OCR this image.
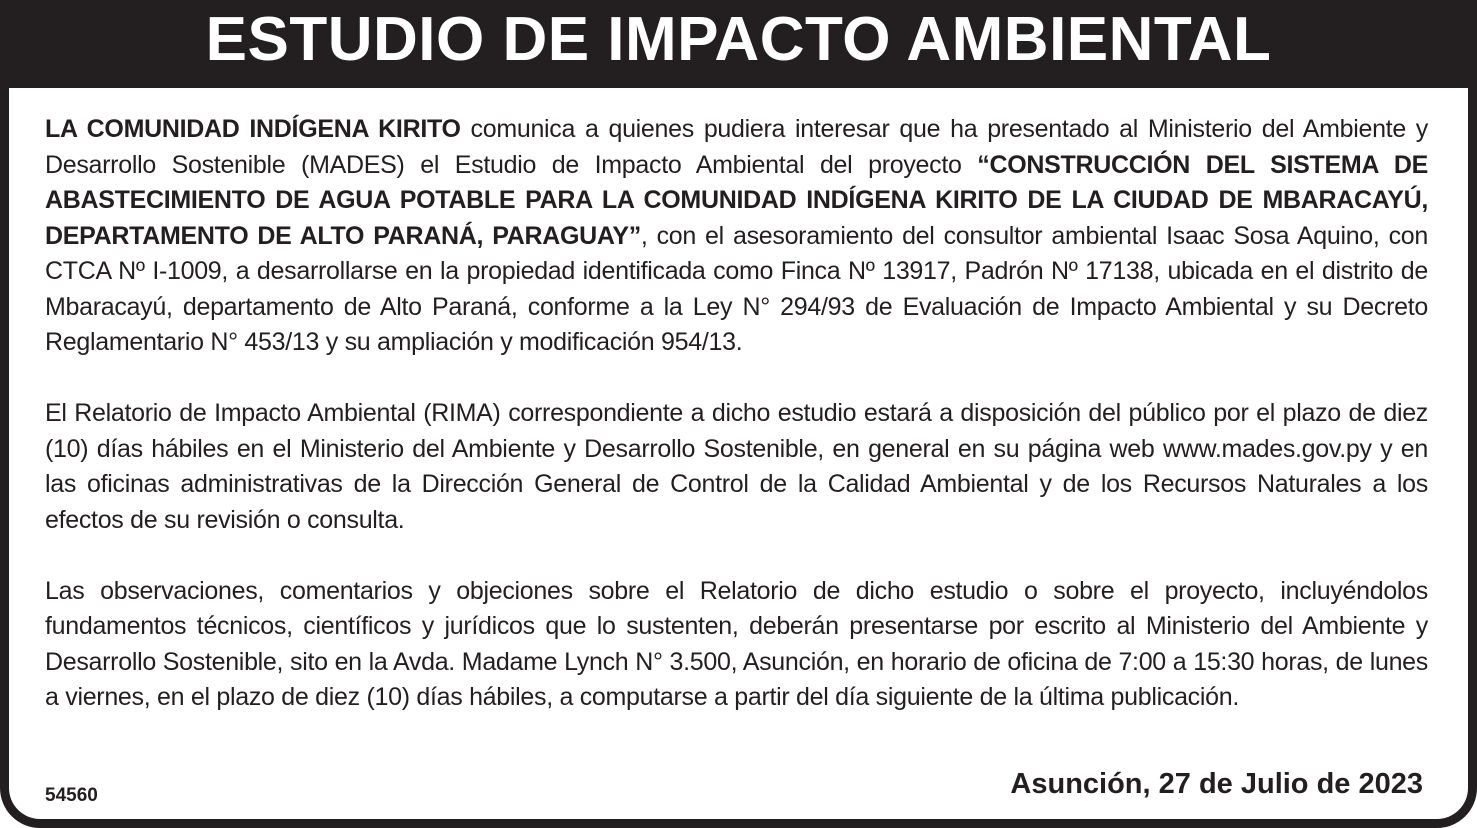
ESTUDIO DE IMPACTO AMBIENTAL

LA COMUNIDAD INDÍGENA KIRITO comunica a quienes pudiera interesar que ha presentado al Ministerio del Ambiente y Desarrollo Sostenible (MADES) el Estudio de Impacto Ambiental del proyecto “CONSTRUCCIÓN DEL SISTEMA DE ABASTECIMIENTO DE AGUA POTABLE PARA LA COMUNIDAD INDÍGENA KIRITO DE LA CIUDAD DE MBARACAYÚ, DEPARTAMENTO DE ALTO PARANÁ, PARAGUAY”, con el asesoramiento del consultor ambiental Isaac Sosa Aquino, con CTCA Nº I-1009, a desarrollarse en la propiedad identificada como Finca Nº 13917, Padrón Nº 17138, ubicada en el distrito de Mbaracayú, departamento de Alto Paraná, conforme a la Ley N° 294/93 de Evaluación de Impacto Ambiental y su Decreto Reglamentario N° 453/13 y su ampliación y modificación 954/13.

El Relatorio de Impacto Ambiental (RIMA) correspondiente a dicho estudio estará a disposición del público por el plazo de diez (10) días hábiles en el Ministerio del Ambiente y Desarrollo Sostenible, en general en su página web www.mades.gov.py y en las oficinas administrativas de la Dirección General de Control de la Calidad Ambiental y de los Recursos Naturales a los efectos de su revisión o consulta.

Las observaciones, comentarios y objeciones sobre el Relatorio de dicho estudio o sobre el proyecto, incluyéndolos fundamentos técnicos, científicos y jurídicos que lo sustenten, deberán presentarse por escrito al Ministerio del Ambiente y Desarrollo Sostenible, sito en la Avda. Madame Lynch N° 3.500, Asunción, en horario de oficina de 7:00 a 15:30 horas, de lunes a viernes, en el plazo de diez (10) días hábiles, a computarse a partir del día siguiente de la última publicación.

54560	Asunción, 27 de Julio de 2023
